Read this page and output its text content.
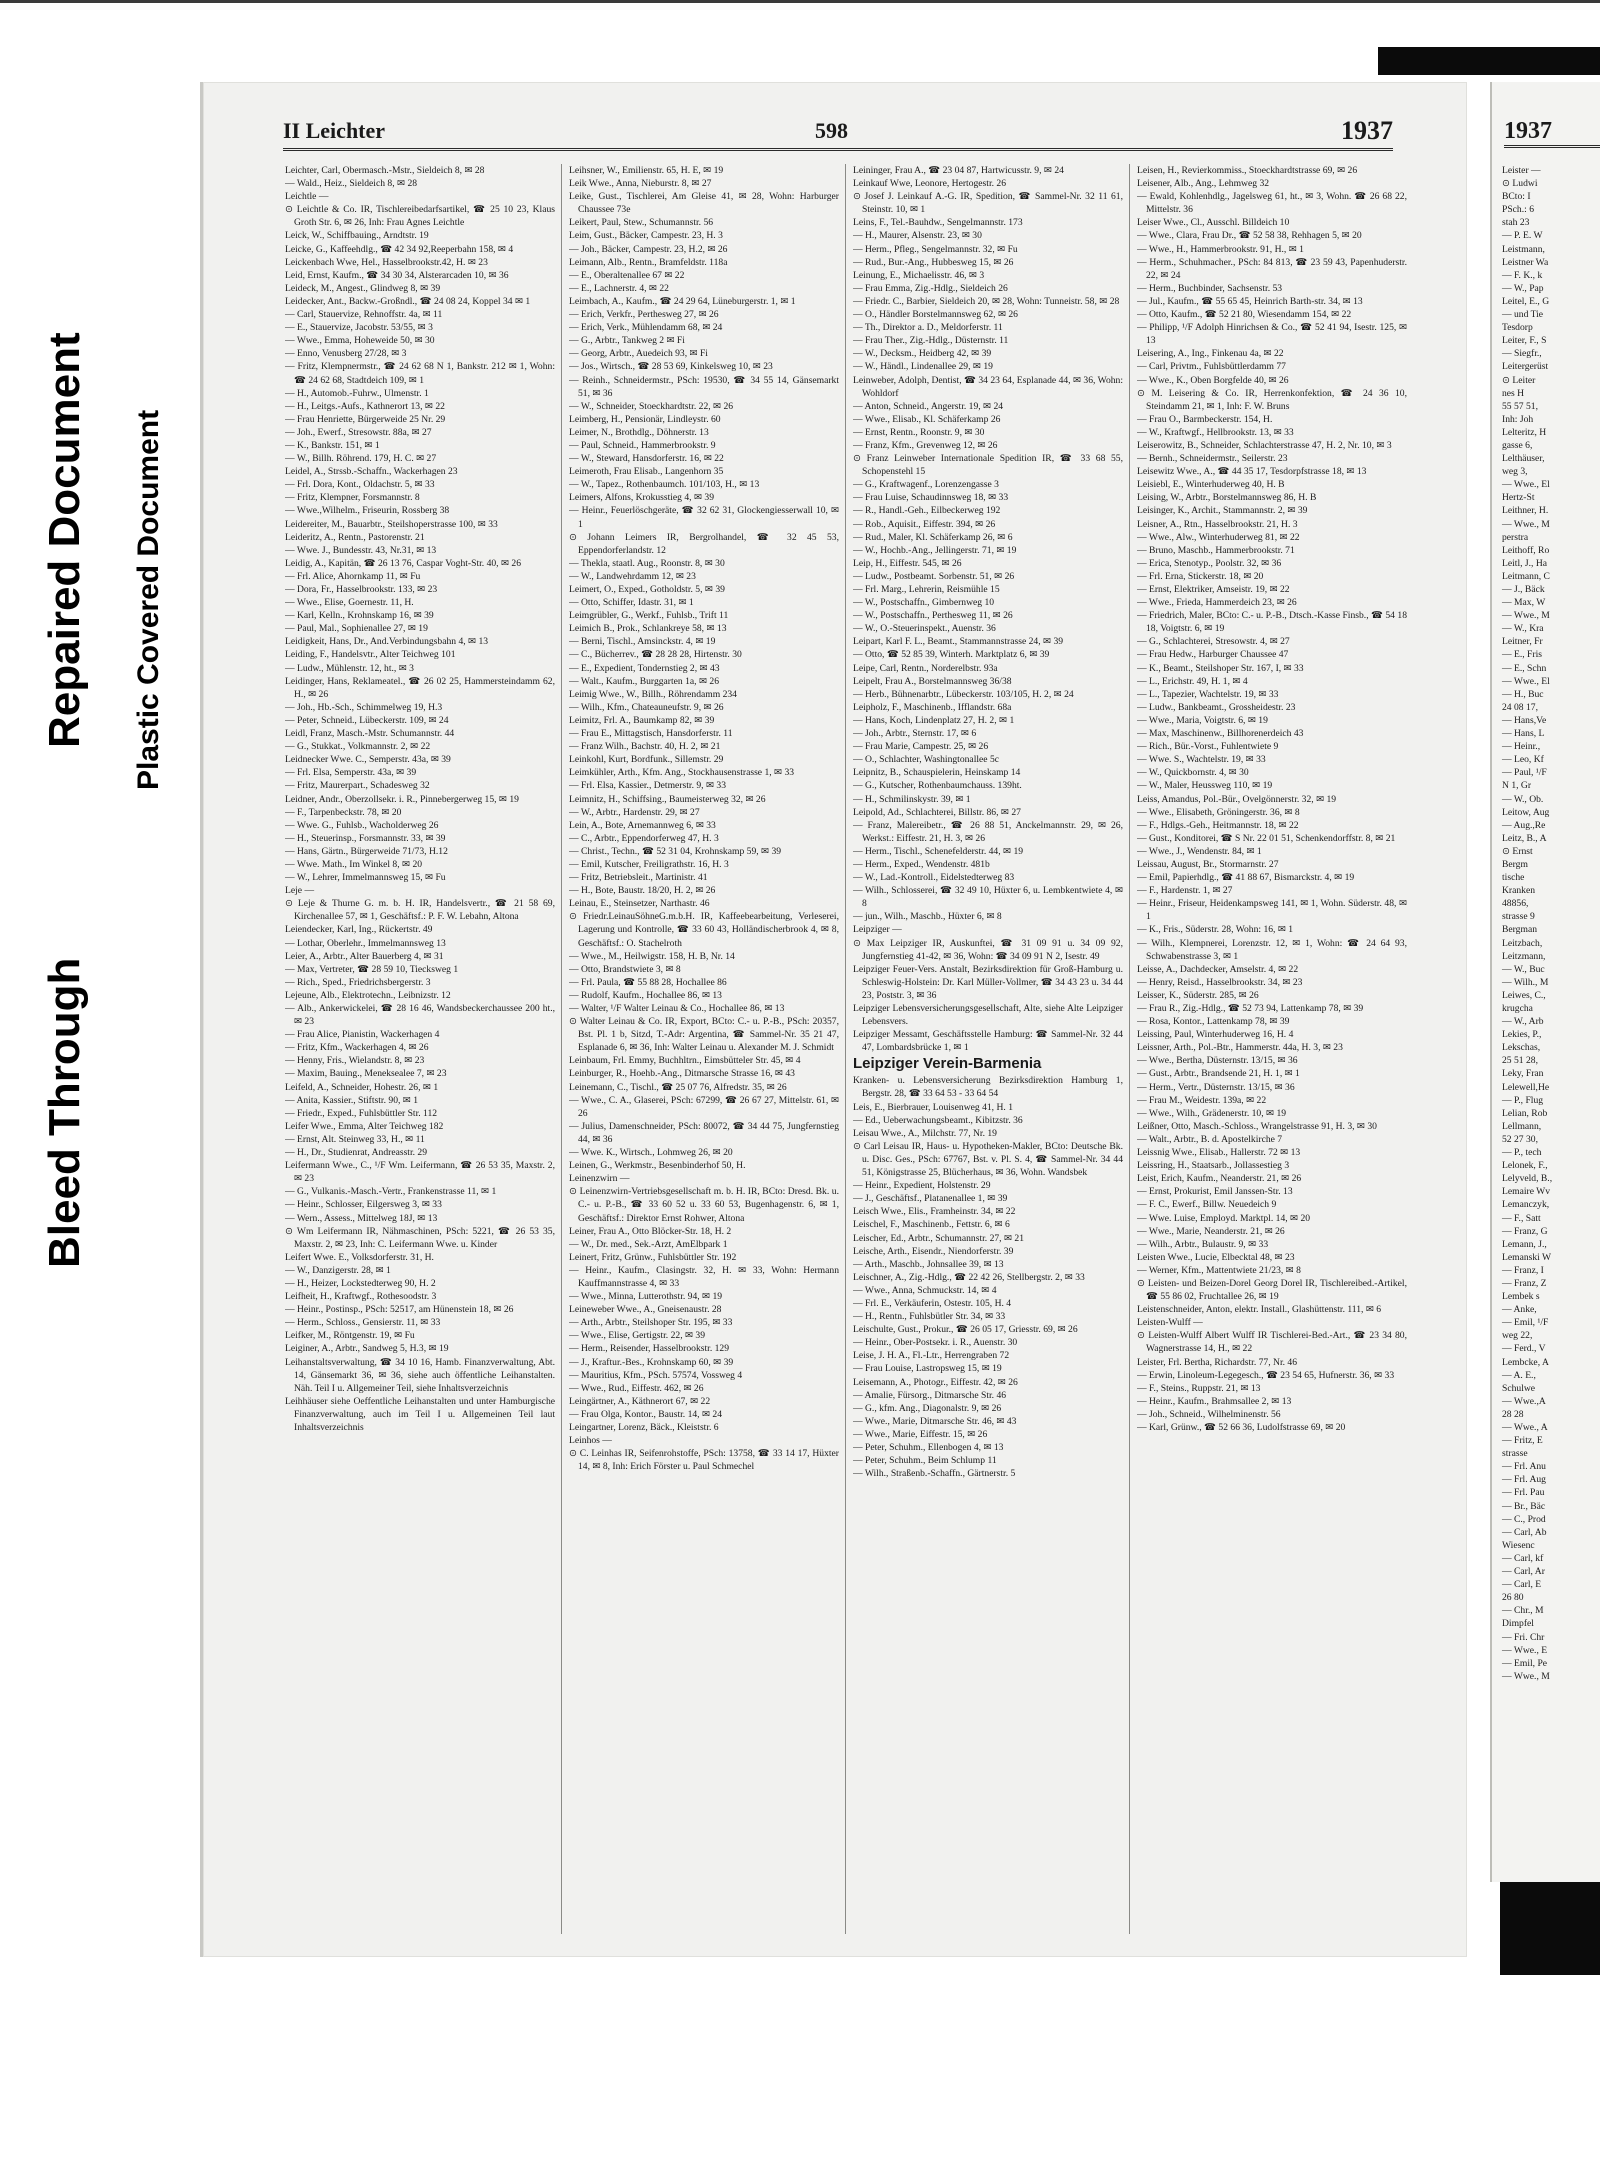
Bleed Through
Repaired Document Plastic Covered Document
II Leichter	598	1937

Leichter, Carl, Obermasch.-Mstr., Sieldeich 8, ✉ 28

— Wald., Heiz., Sieldeich 8, ✉ 28

Leichtle —

⊙ Leichtle & Co. IR, Tischlereibedarfsartikel, ☎ 25 10 23, Klaus Groth Str. 6, ✉ 26, Inh: Frau Agnes Leichtle

Leick, W., Schiffbauing., Arndtstr. 19

Leicke, G., Kaffeehdlg., ☎ 42 34 92,Reeperbahn 158, ✉ 4

Leickenbach Wwe, Hel., Hasselbrookstr.42, H. ✉ 23

Leid, Ernst, Kaufm., ☎ 34 30 34, Alsterarcaden 10, ✉ 36

Leideck, M., Angest., Glindweg 8, ✉ 39

Leidecker, Ant., Backw.-Großndl., ☎ 24 08 24, Koppel 34 ✉ 1

— Carl, Stauervize, Rehnoffstr. 4a, ✉ 11

— E., Stauervize, Jacobstr. 53/55, ✉ 3

— Wwe., Emma, Hoheweide 50, ✉ 30

— Enno, Venusberg 27/28, ✉ 3

— Fritz, Klempnermstr., ☎ 24 62 68 N 1, Bankstr. 212 ✉ 1, Wohn: ☎ 24 62 68, Stadtdeich 109, ✉ 1

— H., Automob.-Fuhrw., Ulmenstr. 1

— H., Leitgs.-Aufs., Kathnerort 13, ✉ 22

— Frau Henriette, Bürgerweide 25 Nr. 29

— Joh., Ewerf., Stresowstr. 88a, ✉ 27

— K., Bankstr. 151, ✉ 1

— W., Billh. Röhrend. 179, H. C. ✉ 27

Leidel, A., Strssb.-Schaffn., Wackerhagen 23

— Frl. Dora, Kont., Oldachstr. 5, ✉ 33

— Fritz, Klempner, Forsmannstr. 8

— Wwe.,Wilhelm., Friseurin, Rossberg 38

Leidereiter, M., Bauarbtr., Steilshoperstrasse 100, ✉ 33

Leideritz, A., Rentn., Pastorenstr. 21

— Wwe. J., Bundesstr. 43, Nr.31, ✉ 13

Leidig, A., Kapitän, ☎ 26 13 76, Caspar Voght-Str. 40, ✉ 26

— Frl. Alice, Ahornkamp 11, ✉ Fu

— Dora, Fr., Hasselbrookstr. 133, ✉ 23

— Wwe., Elise, Goernestr. 11, H.

— Karl, Kelln., Krohnskamp 16, ✉ 39

— Paul, Mal., Sophienallee 27, ✉ 19

Leidigkeit, Hans, Dr., And.Verbindungsbahn 4, ✉ 13

Leiding, F., Handelsvtr., Alter Teichweg 101

— Ludw., Mühlenstr. 12, ht., ✉ 3

Leidinger, Hans, Reklameatel., ☎ 26 02 25, Hammersteindamm 62, H., ✉ 26

— Joh., Hb.-Sch., Schimmelweg 19, H.3

— Peter, Schneid., Lübeckerstr. 109, ✉ 24

Leidl, Franz, Masch.-Mstr. Schumannstr. 44

— G., Stukkat., Volkmannstr. 2, ✉ 22

Leidnecker Wwe. C., Semperstr. 43a, ✉ 39

— Frl. Elsa, Semperstr. 43a, ✉ 39

— Fritz, Maurerpart., Schadesweg 32

Leidner, Andr., Oberzollsekr. i. R., Pinnebergerweg 15, ✉ 19

— F., Tarpenbeckstr. 78, ✉ 20

— Wwe. G., Fuhlsb., Wacholderweg 26

— H., Steuerinsp., Forsmannstr. 33, ✉ 39

— Hans, Gärtn., Bürgerweide 71/73, H.12

— Wwe. Math., Im Winkel 8, ✉ 20

— W., Lehrer, Immelmannsweg 15, ✉ Fu

Leje —

⊙ Leje & Thurne G. m. b. H. IR, Handelsvertr., ☎ 21 58 69, Kirchenallee 57, ✉ 1, Geschäftsf.: P. F. W. Lebahn, Altona

Leiendecker, Karl, Ing., Rückertstr. 49

— Lothar, Oberlehr., Immelmannsweg 13

Leier, A., Arbtr., Alter Bauerberg 4, ✉ 31

— Max, Vertreter, ☎ 28 59 10, Tiecksweg 1

— Rich., Sped., Friedrichsbergerstr. 3

Lejeune, Alb., Elektrotechn., Leibnizstr. 12

— Alb., Ankerwickelei, ☎ 28 16 46, Wandsbeckerchaussee 200 ht., ✉ 23

— Frau Alice, Pianistin, Wackerhagen 4

— Fritz, Kfm., Wackerhagen 4, ✉ 26

— Henny, Fris., Wielandstr. 8, ✉ 23

— Maxim, Bauing., Meneksealee 7, ✉ 23

Leifeld, A., Schneider, Hohestr. 26, ✉ 1

— Anita, Kassier., Stiftstr. 90, ✉ 1

— Friedr., Exped., Fuhlsbüttler Str. 112

Leifer Wwe., Emma, Alter Teichweg 182

— Ernst, Alt. Steinweg 33, H., ✉ 11

— H., Dr., Studienrat, Andreasstr. 29

Leifermann Wwe., C., ¹/F Wm. Leifermann, ☎ 26 53 35, Maxstr. 2, ✉ 23

— G., Vulkanis.-Masch.-Vertr., Frankenstrasse 11, ✉ 1

— Heinr., Schlosser, Eilgersweg 3, ✉ 33

— Wern., Assess., Mittelweg 18J, ✉ 13

⊙ Wm Leifermann IR, Nähmaschinen, PSch: 5221, ☎ 26 53 35, Maxstr. 2, ✉ 23, Inh: C. Leifermann Wwe. u. Kinder

Leifert Wwe. E., Volksdorferstr. 31, H.

— W., Danzigerstr. 28, ✉ 1

— H., Heizer, Lockstedterweg 90, H. 2

Leifheit, H., Kraftwgf., Rothesoodstr. 3

— Heinr., Postinsp., PSch: 52517, am Hünenstein 18, ✉ 26

— Herm., Schloss., Gensierstr. 11, ✉ 33

Leifker, M., Röntgenstr. 19, ✉ Fu

Leiginer, A., Arbtr., Sandweg 5, H.3, ✉ 19

Leihanstaltsverwaltung, ☎ 34 10 16, Hamb. Finanzverwaltung, Abt. 14, Gänsemarkt 36, ✉ 36, siehe auch öffentliche Leihanstalten. Näh. Teil I u. Allgemeiner Teil, siehe Inhaltsverzeichnis

Leihhäuser siehe Oeffentliche Leihanstalten und unter Hamburgische Finanzverwaltung, auch im Teil I u. Allgemeinen Teil laut Inhaltsverzeichnis

Leihsner, W., Emilienstr. 65, H. E, ✉ 19

Leik Wwe., Anna, Nieburstr. 8, ✉ 27

Leike, Gust., Tischlerei, Am Gleise 41, ✉ 28, Wohn: Harburger Chaussee 73e

Leikert, Paul, Stew., Schumannstr. 56

Leim, Gust., Bäcker, Campestr. 23, H. 3

— Joh., Bäcker, Campestr. 23, H.2, ✉ 26

Leimann, Alb., Rentn., Bramfeldstr. 118a

— E., Oberaltenallee 67 ✉ 22

— E., Lachnerstr. 4, ✉ 22

Leimbach, A., Kaufm., ☎ 24 29 64, Lüneburgerstr. 1, ✉ 1

— Erich, Verkfr., Perthesweg 27, ✉ 26

— Erich, Verk., Mühlendamm 68, ✉ 24

— G., Arbtr., Tankweg 2 ✉ Fi

— Georg, Arbtr., Auedeich 93, ✉ Fi

— Jos., Wirtsch., ☎ 28 53 69, Kinkelsweg 10, ✉ 23

— Reinh., Schneidermstr., PSch: 19530, ☎ 34 55 14, Gänsemarkt 51, ✉ 36

— W., Schneider, Stoeckhardtstr. 22, ✉ 26

Leimberg, H., Pensionär, Lindleystr. 60

Leimer, N., Brothdlg., Döhnerstr. 13

— Paul, Schneid., Hammerbrookstr. 9

— W., Steward, Hansdorferstr. 16, ✉ 22

Leimeroth, Frau Elisab., Langenhorn 35

— W., Tapez., Rothenbaumch. 101/103, H., ✉ 13

Leimers, Alfons, Krokusstieg 4, ✉ 39

— Heinr., Feuerlöschgeräte, ☎ 32 62 31, Glockengiesserwall 10, ✉ 1

⊙ Johann Leimers IR, Bergrolhandel, ☎ 32 45 53, Eppendorferlandstr. 12

— Thekla, staatl. Aug., Roonstr. 8, ✉ 30

— W., Landwehrdamm 12, ✉ 23

Leimert, O., Exped., Gotholdstr. 5, ✉ 39

— Otto, Schiffer, Idastr. 31, ✉ 1

Leimgrübler, G., Werkf., Fuhlsb., Trift 11

Leimich B., Prok., Schlankreye 58, ✉ 13

— Berni, Tischl., Amsinckstr. 4, ✉ 19

— C., Bücherrev., ☎ 28 28 28, Hirtenstr. 30

— E., Expedient, Tondernstieg 2, ✉ 43

— Walt., Kaufm., Burggarten 1a, ✉ 26

Leimig Wwe., W., Billh., Röhrendamm 234

— Wilh., Kfm., Chateauneufstr. 9, ✉ 26

Leimitz, Frl. A., Baumkamp 82, ✉ 39

— Frau E., Mittagstisch, Hansdorferstr. 11

— Franz Wilh., Bachstr. 40, H. 2, ✉ 21

Leinkohl, Kurt, Bordfunk., Sillemstr. 29

Leimkühler, Arth., Kfm. Ang., Stockhausenstrasse 1, ✉ 33

— Frl. Elsa, Kassier., Detmerstr. 9, ✉ 33

Leimnitz, H., Schiffsing., Baumeisterweg 32, ✉ 26

— W., Arbtr., Hardenstr. 29, ✉ 27

Lein, A., Bote, Arnemannweg 6, ✉ 33

— C., Arbtr., Eppendorferweg 47, H. 3

— Christ., Techn., ☎ 52 31 04, Krohnskamp 59, ✉ 39

— Emil, Kutscher, Freiligrathstr. 16, H. 3

— Fritz, Betriebsleit., Martinistr. 41

— H., Bote, Baustr. 18/20, H. 2, ✉ 26

Leinau, E., Steinsetzer, Narthastr. 46

⊙ Friedr.LeinauSöhneG.m.b.H. IR, Kaffeebearbeitung, Verleserei, Lagerung und Kontrolle, ☎ 33 60 43, Holländischerbrook 4, ✉ 8, Geschäftsf.: O. Stachelroth

— Wwe., M., Heilwigstr. 158, H. B, Nr. 14

— Otto, Brandstwiete 3, ✉ 8

— Frl. Paula, ☎ 55 88 28, Hochallee 86

— Rudolf, Kaufm., Hochallee 86, ✉ 13

— Walter, ¹/F Walter Leinau & Co., Hochallee 86, ✉ 13

⊙ Walter Leinau & Co. IR, Export, BCto: C.- u. P.-B., PSch: 20357, Bst. Pl. 1 b, Sitzd, T.-Adr: Argentina, ☎ Sammel-Nr. 35 21 47, Esplanade 6, ✉ 36, Inh: Walter Leinau u. Alexander M. J. Schmidt

Leinbaum, Frl. Emmy, Buchhltrn., Eimsbütteler Str. 45, ✉ 4

Leinburger, R., Hoehb.-Ang., Ditmarsche Strasse 16, ✉ 43

Leinemann, C., Tischl., ☎ 25 07 76, Alfredstr. 35, ✉ 26

— Wwe., C. A., Glaserei, PSch: 67299, ☎ 26 67 27, Mittelstr. 61, ✉ 26

— Julius, Damenschneider, PSch: 80072, ☎ 34 44 75, Jungfernstieg 44, ✉ 36

— Wwe. K., Wirtsch., Lohmweg 26, ✉ 20

Leinen, G., Werkmstr., Besenbinderhof 50, H.

Leinenzwirn —

⊙ Leinenzwirn-Vertriebsgesellschaft m. b. H. IR, BCto: Dresd. Bk. u. C.- u. P.-B., ☎ 33 60 52 u. 33 60 53, Bugenhagenstr. 6, ✉ 1, Geschäftsf.: Direktor Ernst Rohwer, Altona

Leiner, Frau A., Otto Blöcker-Str. 18, H. 2

— W., Dr. med., Sek.-Arzt, AmElbpark 1

Leinert, Fritz, Grünw., Fuhlsbüttler Str. 192

— Heinr., Kaufm., Clasingstr. 32, H. ✉ 33, Wohn: Hermann Kauffmannstrasse 4, ✉ 33

— Wwe., Minna, Lutterothstr. 94, ✉ 19

Leineweber Wwe., A., Gneisenaustr. 28

— Arth., Arbtr., Steilshoper Str. 195, ✉ 33

— Wwe., Elise, Gertigstr. 22, ✉ 39

— Herm., Reisender, Hasselbrookstr. 129

— J., Kraftur.-Bes., Krohnskamp 60, ✉ 39

— Mauritius, Kfm., PSch. 57574, Vossweg 4

— Wwe., Rud., Eiffestr. 462, ✉ 26

Leingärtner, A., Käthnerort 67, ✉ 22

— Frau Olga, Kontor., Baustr. 14, ✉ 24

Leingartner, Lorenz, Bäck., Kleiststr. 6

Leinhos —

⊙ C. Leinhas IR, Seifenrohstoffe, PSch: 13758, ☎ 33 14 17, Hüxter 14, ✉ 8, Inh: Erich Förster u. Paul Schmechel

Leininger, Frau A., ☎ 23 04 87, Hartwicusstr. 9, ✉ 24

Leinkauf Wwe, Leonore, Hertogestr. 26

⊙ Josef J. Leinkauf A.-G. IR, Spedition, ☎ Sammel-Nr. 32 11 61, Steinstr. 10, ✉ 1

Leins, F., Tel.-Bauhdw., Sengelmannstr. 173

— H., Maurer, Alsenstr. 23, ✉ 30

— Herm., Pfleg., Sengelmannstr. 32, ✉ Fu

— Rud., Bur.-Ang., Hubbesweg 15, ✉ 26

Leinung, E., Michaelisstr. 46, ✉ 3

— Frau Emma, Zig.-Hdlg., Sieldeich 26

— Friedr. C., Barbier, Sieldeich 20, ✉ 28, Wohn: Tunneistr. 58, ✉ 28

— O., Händler Borstelmannsweg 62, ✉ 26

— Th., Direktor a. D., Meldorferstr. 11

— Frau Ther., Zig.-Hdlg., Düsternstr. 11

— W., Decksm., Heidberg 42, ✉ 39

— W., Händl., Lindenallee 29, ✉ 19

Leinweber, Adolph, Dentist, ☎ 34 23 64, Esplanade 44, ✉ 36, Wohn: Wohldorf

— Anton, Schneid., Angerstr. 19, ✉ 24

— Wwe., Elisab., Kl. Schäferkamp 26

— Ernst, Rentn., Roonstr. 9, ✉ 30

— Franz, Kfm., Grevenweg 12, ✉ 26

⊙ Franz Leinweber Internationale Spedition IR, ☎ 33 68 55, Schopenstehl 15

— G., Kraftwagenf., Lorenzengasse 3

— Frau Luise, Schaudinnsweg 18, ✉ 33

— R., Handl.-Geh., Eilbeckerweg 192

— Rob., Aquisit., Eiffestr. 394, ✉ 26

— Rud., Maler, Kl. Schäferkamp 26, ✉ 6

— W., Hochb.-Ang., Jellingerstr. 71, ✉ 19

Leip, H., Eiffestr. 545, ✉ 26

— Ludw., Postbeamt. Sorbenstr. 51, ✉ 26

— Frl. Marg., Lehrerin, Reismühle 15

— W., Postschaffn., Gimbernweg 10

— W., Postschaffn., Perthesweg 11, ✉ 26

— W., O.-Steuerinspekt., Auenstr. 36

Leipart, Karl F. L., Beamt., Stammannstrasse 24, ✉ 39

— Otto, ☎ 52 85 39, Winterh. Marktplatz 6, ✉ 39

Leipe, Carl, Rentn., Norderelbstr. 93a

Leipelt, Frau A., Borstelmannsweg 36/38

— Herb., Bühnenarbtr., Lübeckerstr. 103/105, H. 2, ✉ 24

Leipholz, F., Maschinenb., Ifflandstr. 68a

— Hans, Koch, Lindenplatz 27, H. 2, ✉ 1

— Joh., Arbtr., Sternstr. 17, ✉ 6

— Frau Marie, Campestr. 25, ✉ 26

— O., Schlachter, Washingtonallee 5c

Leipnitz, B., Schauspielerin, Heinskamp 14

— G., Kutscher, Rothenbaumchauss. 139ht.

— H., Schmilinskystr. 39, ✉ 1

Leipold, Ad., Schlachterei, Billstr. 86, ✉ 27

— Franz, Malereibetr., ☎ 26 88 51, Anckelmannstr. 29, ✉ 26, Werkst.: Eiffestr. 21, H. 3, ✉ 26

— Herm., Tischl., Schenefelderstr. 44, ✉ 19

— Herm., Exped., Wendenstr. 481b

— W., Lad.-Kontroll., Eidelstedterweg 83

— Wilh., Schlosserei, ☎ 32 49 10, Hüxter 6, u. Lembkentwiete 4, ✉ 8

— jun., Wilh., Maschb., Hüxter 6, ✉ 8

Leipziger —

⊙ Max Leipziger IR, Auskunftei, ☎ 31 09 91 u. 34 09 92, Jungfernstieg 41-42, ✉ 36, Wohn: ☎ 34 09 91 N 2, Isestr. 49

Leipziger Feuer-Vers. Anstalt, Bezirksdirektion für Groß-Hamburg u. Schleswig-Holstein: Dr. Karl Müller-Vollmer, ☎ 34 43 23 u. 34 44 23, Poststr. 3, ✉ 36

Leipziger Lebensversicherungsgesellschaft, Alte, siehe Alte Leipziger Lebensvers.

Leipziger Messamt, Geschäftsstelle Hamburg: ☎ Sammel-Nr. 32 44 47, Lombardsbrücke 1, ✉ 1

Leipziger Verein-Barmenia

Kranken- u. Lebensversicherung Bezirksdirektion Hamburg 1, Bergstr. 28, ☎ 33 64 53 - 33 64 54

Leis, E., Bierbrauer, Louisenweg 41, H. 1

— Ed., Ueberwachungsbeamt., Kibitzstr. 36

Leisau Wwe., A., Milchstr. 77, Nr. 19

⊙ Carl Leisau IR, Haus- u. Hypotheken-Makler, BCto: Deutsche Bk. u. Disc. Ges., PSch: 67767, Bst. v. Pl. S. 4, ☎ Sammel-Nr. 34 44 51, Königstrasse 25, Blücherhaus, ✉ 36, Wohn. Wandsbek

— Heinr., Expedient, Holstenstr. 29

— J., Geschäftsf., Platanenallee 1, ✉ 39

Leisch Wwe., Elis., Framheinstr. 34, ✉ 22

Leischel, F., Maschinenb., Fettstr. 6, ✉ 6

Leischer, Ed., Arbtr., Schumannstr. 27, ✉ 21

Leische, Arth., Eisendr., Niendorferstr. 39

— Arth., Maschb., Johnsallee 39, ✉ 13

Leischner, A., Zig.-Hdlg., ☎ 22 42 26, Stellbergstr. 2, ✉ 33

— Wwe., Anna, Schmuckstr. 14, ✉ 4

— Frl. E., Verkäuferin, Ostestr. 105, H. 4

— H., Rentn., Fuhlsbütler Str. 34, ✉ 33

Leischulte, Gust., Prokur., ☎ 26 05 17, Griesstr. 69, ✉ 26

— Heinr., Ober-Postsekr. i. R., Auenstr. 30

Leise, J. H. A., Fl.-Ltr., Herrengraben 72

— Frau Louise, Lastropsweg 15, ✉ 19

Leisemann, A., Photogr., Eiffestr. 42, ✉ 26

— Amalie, Fürsorg., Ditmarsche Str. 46

— G., kfm. Ang., Diagonalstr. 9, ✉ 26

— Wwe., Marie, Ditmarsche Str. 46, ✉ 43

— Wwe., Marie, Eiffestr. 15, ✉ 26

— Peter, Schuhm., Ellenbogen 4, ✉ 13

— Peter, Schuhm., Beim Schlump 11

— Wilh., Straßenb.-Schaffn., Gärtnerstr. 5

Leisen, H., Revierkommiss., Stoeckhardtstrasse 69, ✉ 26

Leisener, Alb., Ang., Lehmweg 32

— Ewald, Kohlenhdlg., Jagelsweg 61, ht., ✉ 3, Wohn. ☎ 26 68 22, Mittelstr. 36

Leiser Wwe., Cl., Ausschl. Billdeich 10

— Wwe., Clara, Frau Dr., ☎ 52 58 38, Rehhagen 5, ✉ 20

— Wwe., H., Hammerbrookstr. 91, H., ✉ 1

— Herm., Schuhmacher., PSch: 84 813, ☎ 23 59 43, Papenhuderstr. 22, ✉ 24

— Herm., Buchbinder, Sachsenstr. 53

— Jul., Kaufm., ☎ 55 65 45, Heinrich Barth-str. 34, ✉ 13

— Otto, Kaufm., ☎ 52 21 80, Wiesendamm 154, ✉ 22

— Philipp, ¹/F Adolph Hinrichsen & Co., ☎ 52 41 94, Isestr. 125, ✉ 13

Leisering, A., Ing., Finkenau 4a, ✉ 22

— Carl, Privtm., Fuhlsbüttlerdamm 77

— Wwe., K., Oben Borgfelde 40, ✉ 26

⊙ M. Leisering & Co. IR, Herrenkonfektion, ☎ 24 36 10, Steindamm 21, ✉ 1, Inh: F. W. Bruns

— Frau O., Barmbeckerstr. 154, H.

— W., Kraftwgf., Hellbrookstr. 13, ✉ 33

Leiserowitz, B., Schneider, Schlachterstrasse 47, H. 2, Nr. 10, ✉ 3

— Bernh., Schneidermstr., Seilerstr. 23

Leisewitz Wwe., A., ☎ 44 35 17, Tesdorpfstrasse 18, ✉ 13

Leisiebl, E., Winterhuderweg 40, H. B

Leising, W., Arbtr., Borstelmannsweg 86, H. B

Leisinger, K., Archit., Stammannstr. 2, ✉ 39

Leisner, A., Rtn., Hasselbrookstr. 21, H. 3

— Wwe., Alw., Winterhuderweg 81, ✉ 22

— Bruno, Maschb., Hammerbrookstr. 71

— Erica, Stenotyp., Poolstr. 32, ✉ 36

— Frl. Erna, Stickerstr. 18, ✉ 20

— Ernst, Elektriker, Amseistr. 19, ✉ 22

— Wwe., Frieda, Hammerdeich 23, ✉ 26

— Friedrich, Maler, BCto: C.- u. P.-B., Dtsch.-Kasse Finsb., ☎ 54 18 18, Voigtstr. 6, ✉ 19

— G., Schlachterei, Stresowstr. 4, ✉ 27

— Frau Hedw., Harburger Chaussee 47

— K., Beamt., Steilshoper Str. 167, I, ✉ 33

— L., Erichstr. 49, H. 1, ✉ 4

— L., Tapezier, Wachtelstr. 19, ✉ 33

— Ludw., Bankbeamt., Grossheidestr. 23

— Wwe., Maria, Voigtstr. 6, ✉ 19

— Max, Maschinenw., Billhorenerdeich 43

— Rich., Bür.-Vorst., Fuhlentwiete 9

— Wwe. S., Wachtelstr. 19, ✉ 33

— W., Quickbornstr. 4, ✉ 30

— W., Maler, Heussweg 110, ✉ 19

Leiss, Amandus, Pol.-Bür., Ovelgönnerstr. 32, ✉ 19

— Wwe., Elisabeth, Gröningerstr. 36, ✉ 8

— F., Hdlgs.-Geh., Heitmannstr. 18, ✉ 22

— Gust., Konditorei, ☎ S Nr. 22 01 51, Schenkendorffstr. 8, ✉ 21

— Wwe., J., Wendenstr. 84, ✉ 1

Leissau, August, Br., Stormarnstr. 27

— Emil, Papierhdlg., ☎ 41 88 67, Bismarckstr. 4, ✉ 19

— F., Hardenstr. 1, ✉ 27

— Heinr., Friseur, Heidenkampsweg 141, ✉ 1, Wohn. Süderstr. 48, ✉ 1

— K., Fris., Süderstr. 28, Wohn: 16, ✉ 1

— Wilh., Klempnerei, Lorenzstr. 12, ✉ 1, Wohn: ☎ 24 64 93, Schwabenstrasse 3, ✉ 1

Leisse, A., Dachdecker, Amselstr. 4, ✉ 22

— Henry, Reisd., Hasselbrookstr. 34, ✉ 23

Leisser, K., Süderstr. 285, ✉ 26

— Frau R., Zig.-Hdlg., ☎ 52 73 94, Lattenkamp 78, ✉ 39

— Rosa, Kontor., Lattenkamp 78, ✉ 39

Leissing, Paul, Winterhuderweg 16, H. 4

Leissner, Arth., Pol.-Btr., Hammerstr. 44a, H. 3, ✉ 23

— Wwe., Bertha, Düsternstr. 13/15, ✉ 36

— Gust., Arbtr., Brandsende 21, H. 1, ✉ 1

— Herm., Vertr., Düsternstr. 13/15, ✉ 36

— Frau M., Weidestr. 139a, ✉ 22

— Wwe., Wilh., Grädenerstr. 10, ✉ 19

Leißner, Otto, Masch.-Schloss., Wrangelstrasse 91, H. 3, ✉ 30

— Walt., Arbtr., B. d. Apostelkirche 7

Leissnig Wwe., Elisab., Hallerstr. 72 ✉ 13

Leissring, H., Staatsarb., Jollassestieg 3

Leist, Erich, Kaufm., Neanderstr. 21, ✉ 26

— Ernst, Prokurist, Emil Janssen-Str. 13

— F. C., Ewerf., Billw. Neuedeich 9

— Wwe. Luise, Employd. Marktpl. 14, ✉ 20

— Wwe., Marie, Neanderstr. 21, ✉ 26

— Wilh., Arbtr., Bulaustr. 9, ✉ 33

Leisten Wwe., Lucie, Elbecktal 48, ✉ 23

— Werner, Kfm., Mattentwiete 21/23, ✉ 8

⊙ Leisten- und Beizen-Dorel Georg Dorel IR, Tischlereibed.-Artikel, ☎ 55 86 02, Fruchtallee 26, ✉ 19

Leistenschneider, Anton, elektr. Install., Glashüttenstr. 111, ✉ 6

Leisten-Wulff —

⊙ Leisten-Wulff Albert Wulff IR Tischlerei-Bed.-Art., ☎ 23 34 80, Wagnerstrasse 14, H., ✉ 22

Leister, Frl. Bertha, Richardstr. 77, Nr. 46

— Erwin, Linoleum-Legegesch., ☎ 23 54 65, Hufnerstr. 36, ✉ 33

— F., Steins., Ruppstr. 21, ✉ 13

— Heinr., Kaufm., Brahmsallee 2, ✉ 13

— Joh., Schneid., Wilhelminenstr. 56

— Karl, Grünw., ☎ 52 66 36, Ludolfstrasse 69, ✉ 20

1937
Leister —
⊙ Ludwi
BCto: I
PSch.: 6
stah 23
— P. E. W
Leistmann,
Leistner Wa
— F. K., k
— W., Pap
Leitel, E., G
— und Tie
Tesdorp
Leiter, F., S
— Siegfr.,
Leitergerüst
⊙ Leiter
nes H
55 57 51,
Inh: Joh
Lelteritz, H
gasse 6,
Lelthäuser,
weg 3,
— Wwe., El
Hertz-St
Leithner, H.
— Wwe., M
perstra
Leithoff, Ro
Leitl, J., Ha
Leitmann, C
— J., Bäck
— Max, W
— Wwe., M
— W., Kra
Leitner, Fr
— E., Fris
— E., Schn
— Wwe., El
— H., Buc
24 08 17,
— Hans,Ve
— Hans, L
— Heinr.,
— Leo, Kf
— Paul, ¹/F
N 1, Gr
— W., Ob.
Leitow, Aug
— Aug.,Re
Leitz, B., A
⊙ Ernst
Bergm
tische
Kranken
48856,
strasse 9
Bergman
Leitzbach,
Leitzmann,
— W., Buc
— Wilh., M
Leiwes, C.,
krugcha
— W., Arb
Lekies, P.,
Lekschas,
25 51 28,
Leky, Fran
Lelewell,He
— P., Flug
Lelian, Rob
Lellmann,
52 27 30,
— P., tech
Lelonek, F.,
Lelyveld, B.,
Lemaire Wv
Lemanczyk,
— F., Satt
— Franz, G
Lemann, J.,
Lemanski W
— Franz, I
— Franz, Z
Lembek s
— Anke,
— Emil, ¹/F
weg 22,
— Ferd., V
Lembcke, A
— A. E.,
Schulwe
— Wwe.,A
28 28
— Wwe., A
— Fritz, E
strasse
— Frl. Anu
— Frl. Aug
— Frl. Pau
— Br., Bäc
— C., Prod
— Carl, Ab
Wiesenc
— Carl, kf
— Carl, Ar
— Carl, E
26 80
— Chr., M
Dimpfel
— Fri. Chr
— Wwe., E
— Emil, Pe
— Wwe., M
